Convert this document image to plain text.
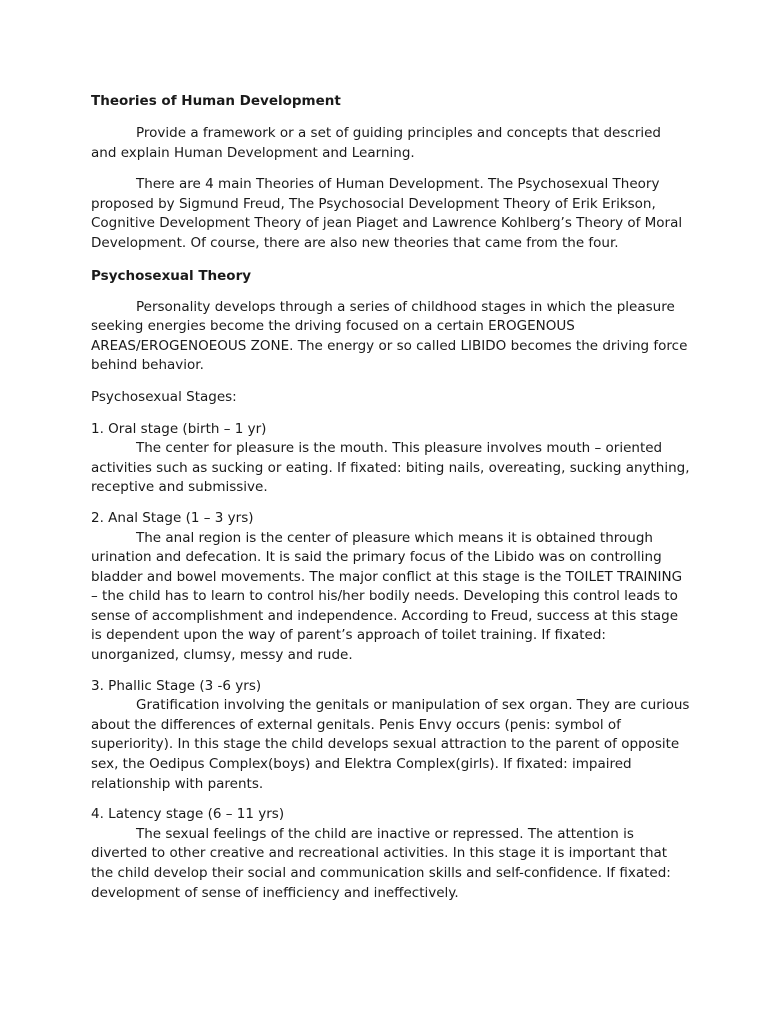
Theories of Human Development

Provide a framework or a set of guiding principles and concepts that descried and explain Human Development and Learning.

There are 4 main Theories of Human Development. The Psychosexual Theory proposed by Sigmund Freud, The Psychosocial Development Theory of Erik Erikson, Cognitive Development Theory of jean Piaget and Lawrence Kohlberg’s Theory of Moral Development. Of course, there are also new theories that came from the four.

Psychosexual Theory

Personality develops through a series of childhood stages in which the pleasure seeking energies become the driving focused on a certain EROGENOUS AREAS/EROGENOEOUS ZONE. The energy or so called LIBIDO becomes the driving force behind behavior.

Psychosexual Stages:

1. Oral stage (birth – 1 yr)
The center for pleasure is the mouth. This pleasure involves mouth – oriented activities such as sucking or eating. If fixated: biting nails, overeating, sucking anything, receptive and submissive.
2. Anal Stage (1 – 3 yrs)
The anal region is the center of pleasure which means it is obtained through urination and defecation. It is said the primary focus of the Libido was on controlling bladder and bowel movements. The major conflict at this stage is the TOILET TRAINING – the child has to learn to control his/her bodily needs. Developing this control leads to sense of accomplishment and independence. According to Freud, success at this stage is dependent upon the way of parent’s approach of toilet training. If fixated: unorganized, clumsy, messy and rude.
3. Phallic Stage (3 -6 yrs)
Gratification involving the genitals or manipulation of sex organ. They are curious about the differences of external genitals. Penis Envy occurs (penis: symbol of superiority). In this stage the child develops sexual attraction to the parent of opposite sex, the Oedipus Complex(boys) and Elektra Complex(girls). If fixated: impaired relationship with parents.
4. Latency stage (6 – 11 yrs)
The sexual feelings of the child are inactive or repressed. The attention is diverted to other creative and recreational activities. In this stage it is important that the child develop their social and communication skills and self-confidence. If fixated: development of sense of inefficiency and ineffectively.
